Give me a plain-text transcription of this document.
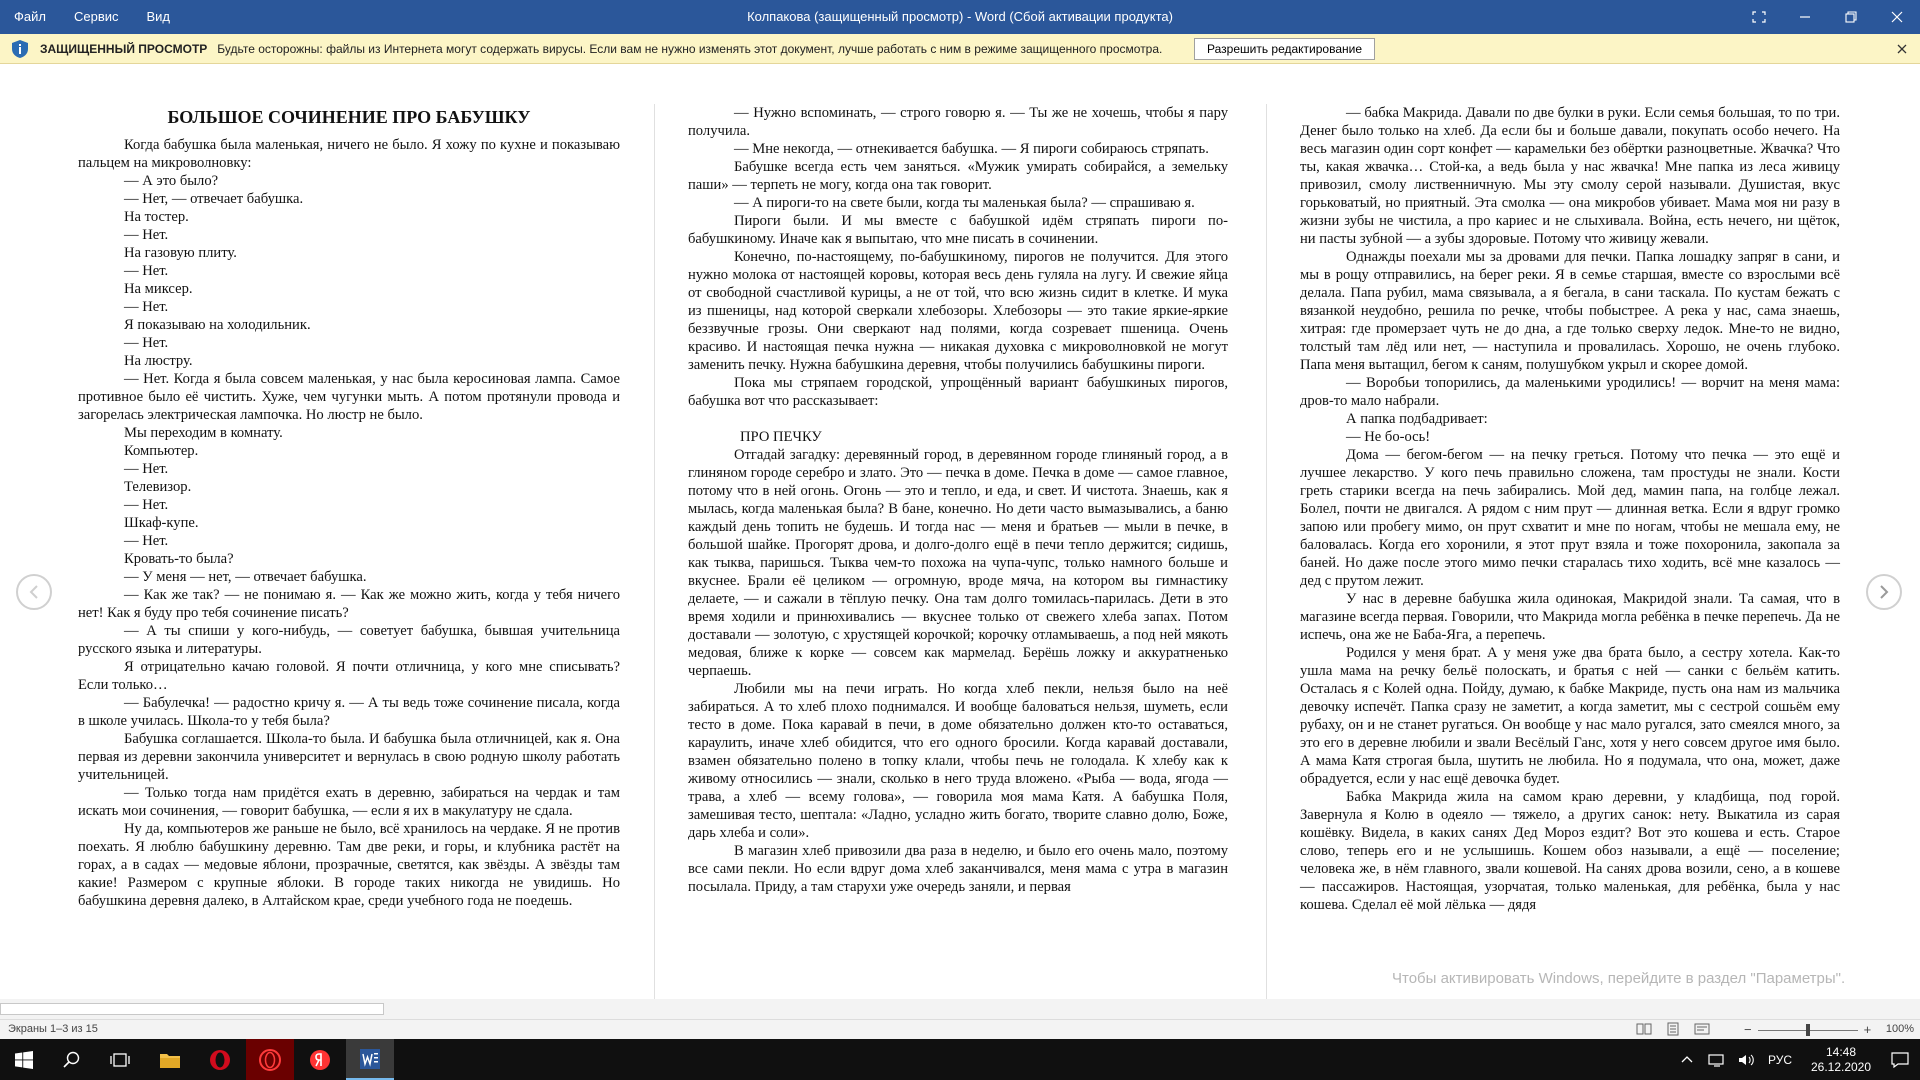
Файл	Сервис	Вид	Колпакова (защищенный просмотр) - Word (Сбой активации продукта)
ЗАЩИЩЕННЫЙ ПРОСМОТР Будьте осторожны: файлы из Интернета могут содержать вирусы. Если вам не нужно изменять этот документ, лучше работать с ним в режиме защищенного просмотра.	Разрешить редактирование
БОЛЬШОЕ СОЧИНЕНИЕ ПРО БАБУШКУ

Когда бабушка была маленькая, ничего не было. Я хожу по кухне и показываю пальцем на микроволновку:

— А это было?

— Нет, — отвечает бабушка.

На тостер.

— Нет.

На газовую плиту.

— Нет.

На миксер.

— Нет.

Я показываю на холодильник.

— Нет.

На люстру.

— Нет. Когда я была совсем маленькая, у нас была керосиновая лампа. Самое противное было её чистить. Хуже, чем чугунки мыть. А потом протянули провода и загорелась электрическая лампочка. Но люстр не было.

Мы переходим в комнату.

Компьютер.

— Нет.

Телевизор.

— Нет.

Шкаф-купе.

— Нет.

Кровать-то была?

— У меня — нет, — отвечает бабушка.

— Как же так? — не понимаю я. — Как же можно жить, когда у тебя ничего нет! Как я буду про тебя сочинение писать?

— А ты спиши у кого-нибудь, — советует бабушка, бывшая учительница русского языка и литературы.

Я отрицательно качаю головой. Я почти отличница, у кого мне списывать? Если только…

— Бабулечка! — радостно кричу я. — А ты ведь тоже сочинение писала, когда в школе училась. Школа-то у тебя была?

Бабушка соглашается. Школа-то была. И бабушка была отличницей, как я. Она первая из деревни закончила университет и вернулась в свою родную школу работать учительницей.

— Только тогда нам придётся ехать в деревню, забираться на чердак и там искать мои сочинения, — говорит бабушка, — если я их в макулатуру не сдала.

Ну да, компьютеров же раньше не было, всё хранилось на чердаке. Я не против поехать. Я люблю бабушкину деревню. Там две реки, и горы, и клубника растёт на горах, а в садах — медовые яблони, прозрачные, светятся, как звёзды. А звёзды там какие! Размером с крупные яблоки. В городе таких никогда не увидишь. Но бабушкина деревня далеко, в Алтайском крае, среди учебного года не поедешь.

— Нужно вспоминать, — строго говорю я. — Ты же не хочешь, чтобы я пару получила.

— Мне некогда, — отнекивается бабушка. — Я пироги собираюсь стряпать.

Бабушке всегда есть чем заняться. «Мужик умирать собирайся, а земельку паши» — терпеть не могу, когда она так говорит.

— А пироги-то на свете были, когда ты маленькая была? — спрашиваю я.

Пироги были. И мы вместе с бабушкой идём стряпать пироги по-бабушкиному. Иначе как я выпытаю, что мне писать в сочинении.

Конечно, по-настоящему, по-бабушкиному, пирогов не получится. Для этого нужно молока от настоящей коровы, которая весь день гуляла на лугу. И свежие яйца от свободной счастливой курицы, а не от той, что всю жизнь сидит в клетке. И мука из пшеницы, над которой сверкали хлебозоры. Хлебозоры — это такие яркие-яркие беззвучные грозы. Они сверкают над полями, когда созревает пшеница. Очень красиво. И настоящая печка нужна — никакая духовка с микроволновкой не могут заменить печку. Нужна бабушкина деревня, чтобы получились бабушкины пироги.

Пока мы стряпаем городской, упрощённый вариант бабушкиных пирогов, бабушка вот что рассказывает:

ПРО ПЕЧКУ

Отгадай загадку: деревянный город, в деревянном городе глиняный город, а в глиняном городе серебро и злато. Это — печка в доме. Печка в доме — самое главное, потому что в ней огонь. Огонь — это и тепло, и еда, и свет. И чистота. Знаешь, как я мылась, когда маленькая была? В бане, конечно. Но дети часто вымазывались, а баню каждый день топить не будешь. И тогда нас — меня и братьев — мыли в печке, в большой шайке. Прогорят дрова, и долго-долго ещё в печи тепло держится; сидишь, как тыква, паришься. Тыква чем-то похожа на чупа-чупс, только намного больше и вкуснее. Брали её целиком — огромную, вроде мяча, на котором вы гимнастику делаете, — и сажали в тёплую печку. Она там долго томилась-парилась. Дети в это время ходили и принюхивались — вкуснее только от свежего хлеба запах. Потом доставали — золотую, с хрустящей корочкой; корочку отламываешь, а под ней мякоть медовая, ближе к корке — совсем как мармелад. Берёшь ложку и аккуратненько черпаешь.

Любили мы на печи играть. Но когда хлеб пекли, нельзя было на неё забираться. А то хлеб плохо поднимался. И вообще баловаться нельзя, шуметь, если тесто в доме. Пока каравай в печи, в доме обязательно должен кто-то оставаться, караулить, иначе хлеб обидится, что его одного бросили. Когда каравай доставали, взамен обязательно полено в топку клали, чтобы печь не голодала. К хлебу как к живому относились — знали, сколько в него труда вложено. «Рыба — вода, ягода — трава, а хлеб — всему голова», — говорила моя мама Катя. А бабушка Поля, замешивая тесто, шептала: «Ладно, усладно жить богато, творите славно долю, Боже, дарь хлеба и соли».

В магазин хлеб привозили два раза в неделю, и было его очень мало, поэтому все сами пекли. Но если вдруг дома хлеб заканчивался, меня мама с утра в магазин посылала. Приду, а там старухи уже очередь заняли, и первая

— бабка Макрида. Давали по две булки в руки. Если семья большая, то по три. Денег было только на хлеб. Да если бы и больше давали, покупать особо нечего. На весь магазин один сорт конфет — карамельки без обёртки разноцветные. Жвачка? Что ты, какая жвачка… Стой-ка, а ведь была у нас жвачка! Мне папка из леса живицу привозил, смолу лиственничную. Мы эту смолу серой называли. Душистая, вкус горьковатый, но приятный. Эта смолка — она микробов убивает. Мама моя ни разу в жизни зубы не чистила, а про кариес и не слыхивала. Война, есть нечего, ни щёток, ни пасты зубной — а зубы здоровые. Потому что живицу жевали.

Однажды поехали мы за дровами для печки. Папка лошадку запряг в сани, и мы в рощу отправились, на берег реки. Я в семье старшая, вместе со взрослыми всё делала. Папа рубил, мама связывала, а я бегала, в сани таскала. По кустам бежать с вязанкой неудобно, решила по речке, чтобы побыстрее. А река у нас, сама знаешь, хитрая: где промерзает чуть не до дна, а где только сверху ледок. Мне-то не видно, толстый там лёд или нет, — наступила и провалилась. Хорошо, не очень глубоко. Папа меня вытащил, бегом к саням, полушубком укрыл и скорее домой.

— Воробьи топорились, да маленькими уродились! — ворчит на меня мама: дров-то мало набрали.

А папка подбадривает:

— Не бо-ось!

Дома — бегом-бегом — на печку греться. Потому что печка — это ещё и лучшее лекарство. У кого печь правильно сложена, там простуды не знали. Кости греть старики всегда на печь забирались. Мой дед, мамин папа, на голбце лежал. Болел, почти не двигался. А рядом с ним прут — длинная ветка. Если я вдруг громко запою или пробегу мимо, он прут схватит и мне по ногам, чтобы не мешала ему, не баловалась. Когда его хоронили, я этот прут взяла и тоже похоронила, закопала за баней. Но даже после этого мимо печки старалась тихо ходить, всё мне казалось — дед с прутом лежит.

У нас в деревне бабушка жила одинокая, Макридой знали. Та самая, что в магазине всегда первая. Говорили, что Макрида могла ребёнка в печке перепечь. Да не испечь, она же не Баба-Яга, а перепечь.

Родился у меня брат. А у меня уже два брата было, а сестру хотела. Как-то ушла мама на речку бельё полоскать, и братья с ней — санки с бельём катить. Осталась я с Колей одна. Пойду, думаю, к бабке Макриде, пусть она нам из мальчика девочку испечёт. Папка сразу не заметит, а когда заметит, мы с сестрой сошьём ему рубаху, он и не станет ругаться. Он вообще у нас мало ругался, зато смеялся много, за это его в деревне любили и звали Весёлый Ганс, хотя у него совсем другое имя было. А мама Катя строгая была, шутить не любила. Но я подумала, что она, может, даже обрадуется, если у нас ещё девочка будет.

Бабка Макрида жила на самом краю деревни, у кладбища, под горой. Завернула я Колю в одеяло — тяжело, а других санок: нету. Выкатила из сарая кошёвку. Видела, в каких санях Дед Мороз ездит? Вот это кошева и есть. Старое слово, теперь его и не услышишь. Кошем обоз называли, а ещё — поселение; человека же, в нём главного, звали кошевой. На санях дрова возили, сено, а в кошеве — пассажиров. Настоящая, узорчатая, только маленькая, для ребёнка, была у нас кошева. Сделал её мой лёлька — дядя

Чтобы активировать Windows, перейдите в раздел "Параметры".
Экраны 1–3 из 15	−	+ 100%
РУС
14:48
26.12.2020
